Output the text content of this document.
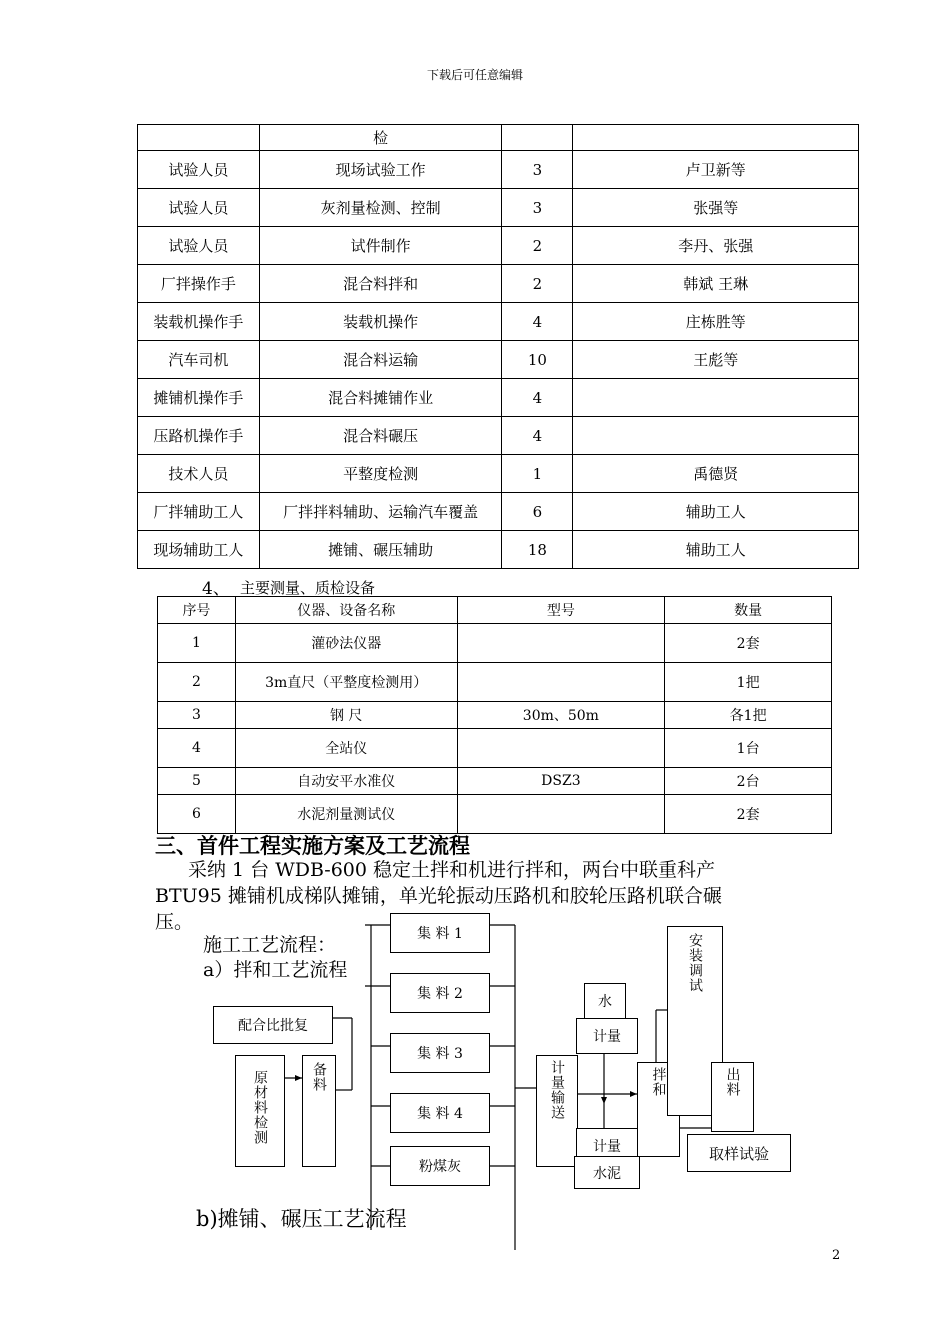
下载后可任意编辑
	检		
试验人员	现场试验工作	3	卢卫新等
试验人员	灰剂量检测、控制	3	张强等
试验人员	试件制作	2	李丹、张强
厂拌操作手	混合料拌和	2	韩斌 王琳
装载机操作手	装载机操作	4	庄栋胜等
汽车司机	混合料运输	10	王彪等
摊铺机操作手	混合料摊铺作业	4	
压路机操作手	混合料碾压	4	
技术人员	平整度检测	1	禹德贤
厂拌辅助工人	厂拌拌料辅助、运输汽车覆盖	6	辅助工人
现场辅助工人	摊铺、碾压辅助	18	辅助工人
4、 主要测量、质检设备
序号	仪器、设备名称	型号	数量
1	灌砂法仪器		2套
2	3m直尺（平整度检测用）		1把
3	钢 尺	30m、50m	各1把
4	全站仪		1台
5	自动安平水准仪	DSZ3	2台
6	水泥剂量测试仪		2套
三、首件工程实施方案及工艺流程
采纳 1 台 WDB-600 稳定土拌和机进行拌和，两台中联重科产
BTU95 摊铺机成梯队摊铺，单光轮振动压路机和胶轮压路机联合碾
压。
施工工艺流程：
a）拌和工艺流程
集 料 1
集 料 2
集 料 3
集 料 4
粉煤灰
配合比批复
原材料检测	备料	计量输送
水
计量
计量
水泥
拌和
安装调试
出料
取样试验
b)摊铺、碾压工艺流程
2
